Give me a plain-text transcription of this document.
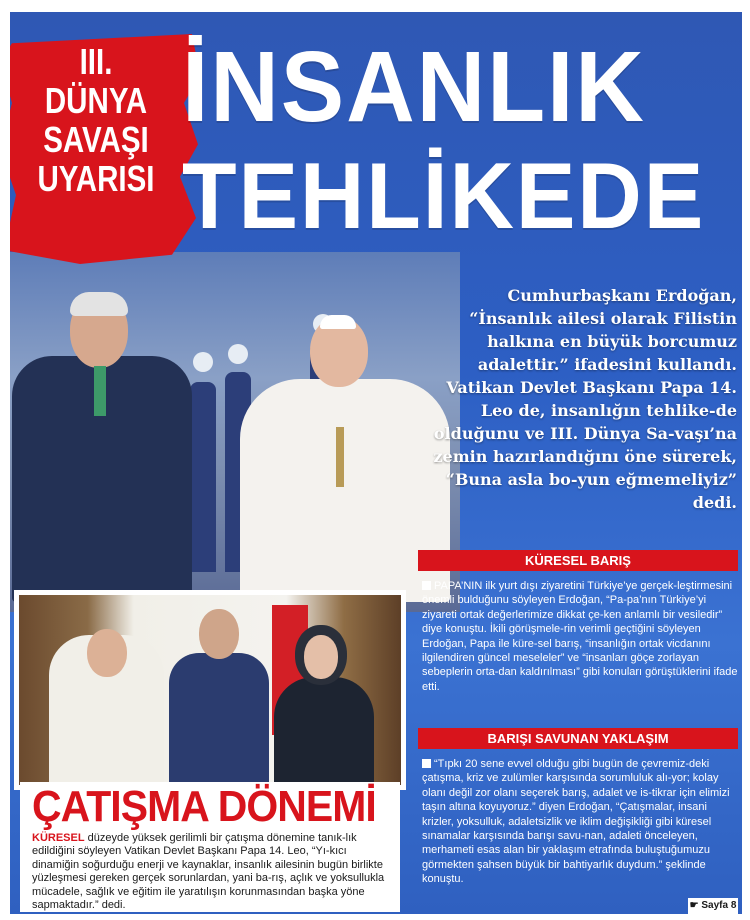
III.
DÜNYA
SAVAŞI
UYARISI
İNSANLIK
TEHLİKEDE
Cumhurbaşkanı Erdoğan, “İnsanlık ailesi olarak Filistin halkına en büyük borcumuz adalettir.” ifadesini kullandı. Vatikan Devlet Başkanı Papa 14. Leo de, insanlığın tehlike-de olduğunu ve III. Dünya Sa-vaşı’na zemin hazırlandığını öne sürerek, “Buna asla bo-yun eğmemeliyiz” dedi.
ÇATIŞMA DÖNEMİ
KÜRESEL düzeyde yüksek gerilimli bir çatışma dönemine tanık-lık edildiğini söyleyen Vatikan Devlet Başkanı Papa 14. Leo, “Yı-kıcı dinamiğin soğurduğu enerji ve kaynaklar, insanlık ailesinin bugün birlikte yüzleşmesi gereken gerçek sorunlardan, yani ba-rış, açlık ve yoksullukla mücadele, sağlık ve eğitim ile yaratılışın korunmasından başka yöne sapmaktadır.” dedi.
KÜRESEL BARIŞ
PAPA’NIN ilk yurt dışı ziyaretini Türkiye’ye gerçek-leştirmesini önemli bulduğunu söyleyen Erdoğan, “Pa-pa’nın Türkiye’yi ziyareti ortak değerlerimize dikkat çe-ken anlamlı bir vesiledir” diye konuştu. İkili görüşmele-rin verimli geçtiğini söyleyen Erdoğan, Papa ile küre-sel barış, “insanlığın ortak vicdanını ilgilendiren güncel meseleler” ve “insanları göçe zorlayan sebeplerin orta-dan kaldırılması” gibi konuları görüştüklerini ifade etti.
BARIŞI SAVUNAN YAKLAŞIM
“Tıpkı 20 sene evvel olduğu gibi bugün de çevremiz-deki çatışma, kriz ve zulümler karşısında sorumluluk alı-yor; kolay olanı değil zor olanı seçerek barış, adalet ve is-tikrar için elimizi taşın altına koyuyoruz.” diyen Erdoğan, “Çatışmalar, insani krizler, yoksulluk, adaletsizlik ve iklim değişikliği gibi küresel sınamalar karşısında barışı savu-nan, adaleti önceleyen, merhameti esas alan bir yaklaşım etrafında buluştuğumuzu görmekten şahsen büyük bir bahtiyarlık duydum.” şeklinde konuştu.
☛ Sayfa 8
